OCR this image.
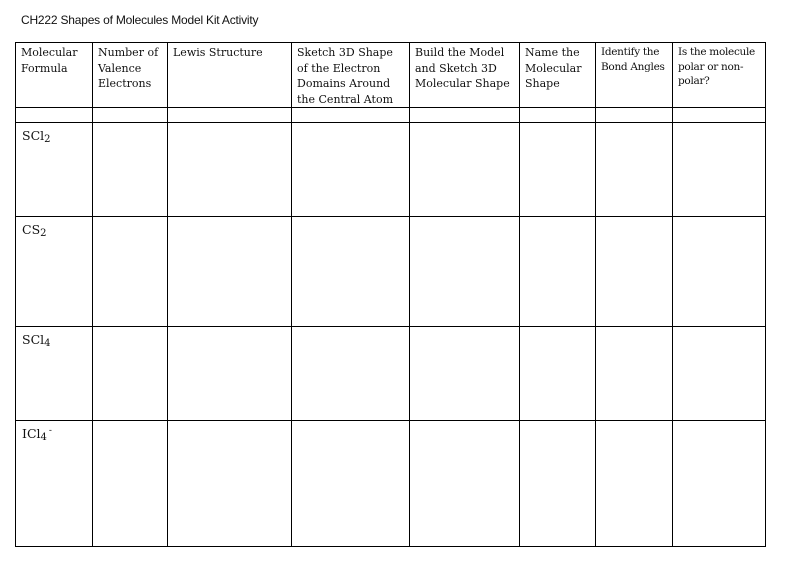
CH222 Shapes of Molecules Model Kit Activity
Molecular Formula	Number of Valence Electrons	Lewis Structure	Sketch 3D Shape of the Electron Domains Around the Central Atom	Build the Model and Sketch 3D Molecular Shape	Name the Molecular Shape	Identify the Bond Angles	Is the molecule polar or non-polar?

SCl$_2$

$CS_2$

SCl$_4$

ICl$_4$-
